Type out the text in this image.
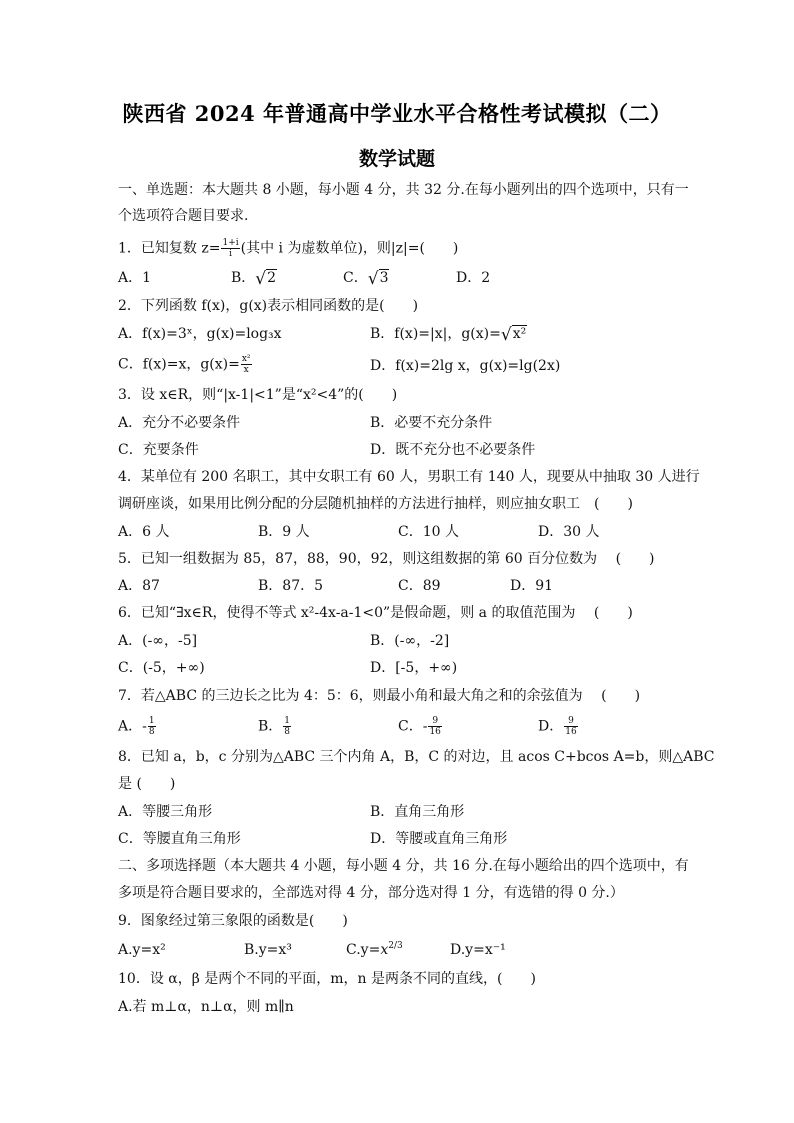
陕西省 2024 年普通高中学业水平合格性考试模拟（二）
数学试题
一、单选题：本大题共 8 小题，每小题 4 分，共 32 分.在每小题列出的四个选项中，只有一
个选项符合题目要求.
1．已知复数 $z= \frac{1+i}{i}$ (其中 i 为虚数单位)，则|z|=(　　)
A．1	B．√2	C．√3	D．2
2．下列函数 f(x)，g(x)表示相同函数的是(　　)
A．f(x)=3ˣ，g(x)=log₃x	B．f(x)=|x|，g(x)=√x²
C．f(x)=x，$g(x)= \frac{\text{x²}}{x}$	D．f(x)=2lg x，g(x)=lg(2x)
3．设 x∈R，则“|x-1|<1”是“x²<4”的(　　)
A．充分不必要条件	B．必要不充分条件
C．充要条件	D．既不充分也不必要条件
4．某单位有 200 名职工，其中女职工有 60 人，男职工有 140 人，现要从中抽取 30 人进行
调研座谈，如果用比例分配的分层随机抽样的方法进行抽样，则应抽女职工　(　　)
A．6 人	B．9 人	C．10 人	D．30 人
5．已知一组数据为 85，87，88，90，92，则这组数据的第 60 百分位数为　 (　　)
A．87	B．87．5	C．89	D．91
6．已知“∃x∈R，使得不等式 x²-4x-a-1<0”是假命题，则 a 的取值范围为　 (　　)
A．(-∞，-5]	B．(-∞，-2]
C．(-5，+∞)	D．[-5，+∞)
7．若△ABC 的三边长之比为 4：5：6，则最小角和最大角之和的余弦值为　 (　　)
A．- $\frac{1}{8}$	B． $\frac{1}{8}$	C．- $\frac{9}{16}$	D． $\frac{9}{16}$
8．已知 a，b，c 分别为△ABC 三个内角 A，B，C 的对边，且 acos C+bcos A=b，则△ABC
是 (　　)
A．等腰三角形	B．直角三角形
C．等腰直角三角形	D．等腰或直角三角形
二、多项选择题（本大题共 4 小题，每小题 4 分，共 16 分.在每小题给出的四个选项中，有
多项是符合题目要求的，全部选对得 4 分，部分选对得 1 分，有选错的得 0 分.）
9．图象经过第三象限的函数是(　　)
A.y=x²	B.y=x³	$C.y=x^{2/3}$	D.y=x⁻¹
10．设 α，β 是两个不同的平面，m，n 是两条不同的直线，(　　)
A.若 m⊥α，n⊥α，则 m∥n
